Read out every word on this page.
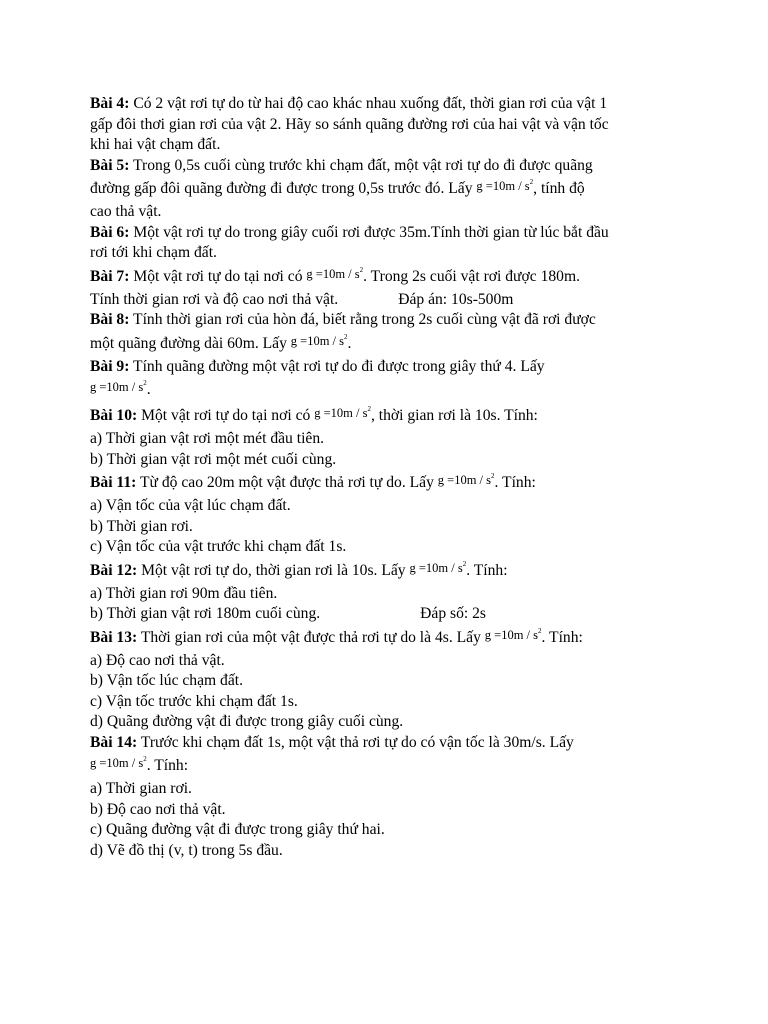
Bài 4: Có 2 vật rơi tự do từ hai độ cao khác nhau xuống đất, thời gian rơi của vật 1
gấp đôi thơi gian rơi của vật 2. Hãy so sánh quãng đường rơi của hai vật và vận tốc
khi hai vật chạm đất.
Bài 5: Trong 0,5s cuối cùng trước khi chạm đất, một vật rơi tự do đi được quãng
đường gấp đôi quãng đường đi được trong 0,5s trước đó. Lấy $g =10m / s^2$, tính độ
cao thả vật.
Bài 6: Một vật rơi tự do trong giây cuối rơi được 35m.Tính thời gian từ lúc bắt đầu
rơi tới khi chạm đất.
Bài 7: Một vật rơi tự do tại nơi có $g =10m / s^2$. Trong 2s cuối vật rơi được 180m.
Tính thời gian rơi và độ cao nơi thả vật.	Đáp án: 10s-500m
Bài 8: Tính thời gian rơi của hòn đá, biết rằng trong 2s cuối cùng vật đã rơi được
một quãng đường dài 60m. Lấy $g =10m / s^2$.
Bài 9: Tính quãng đường một vật rơi tự do đi được trong giây thứ 4. Lấy
$g =10m / s^2$.
Bài 10: Một vật rơi tự do tại nơi có $g =10m / s^2$, thời gian rơi là 10s. Tính:
a) Thời gian vật rơi một mét đầu tiên.
b) Thời gian vật rơi một mét cuối cùng.
Bài 11: Từ độ cao 20m một vật được thả rơi tự do. Lấy $g =10m / s^2$. Tính:
a) Vận tốc của vật lúc chạm đất.
b) Thời gian rơi.
c) Vận tốc của vật trước khi chạm đất 1s.
Bài 12: Một vật rơi tự do, thời gian rơi là 10s. Lấy $g =10m / s^2$. Tính:
a) Thời gian rơi 90m đầu tiên.
b) Thời gian vật rơi 180m cuối cùng.	Đáp số: 2s
Bài 13: Thời gian rơi của một vật được thả rơi tự do là 4s. Lấy $g =10m / s^2$. Tính:
a) Độ cao nơi thả vật.
b) Vận tốc lúc chạm đất.
c) Vận tốc trước khi chạm đất 1s.
d) Quãng đường vật đi được trong giây cuối cùng.
Bài 14: Trước khi chạm đất 1s, một vật thả rơi tự do có vận tốc là 30m/s. Lấy
$g =10m / s^2$. Tính:
a) Thời gian rơi.
b) Độ cao nơi thả vật.
c) Quãng đường vật đi được trong giây thứ hai.
d) Vẽ đồ thị (v, t) trong 5s đầu.
